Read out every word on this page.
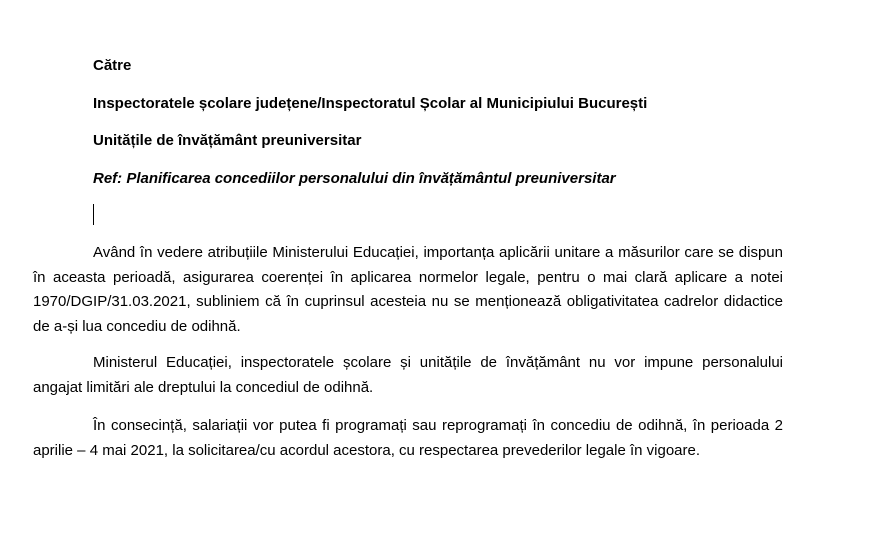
Către

Inspectoratele școlare județene/Inspectoratul Școlar al Municipiului București

Unitățile de învățământ preuniversitar

Ref: Planificarea concediilor personalului din învățământul preuniversitar

Având în vedere atribuțiile Ministerului Educației, importanța aplicării unitare a măsurilor care se dispun în aceasta perioadă, asigurarea coerenței în aplicarea normelor legale, pentru o mai clară aplicare a notei 1970/DGIP/31.03.2021, subliniem că în cuprinsul acesteia nu se menționează obligativitatea cadrelor didactice de a-și lua concediu de odihnă.

Ministerul Educației, inspectoratele școlare și unitățile de învățământ nu vor impune personalului angajat limitări ale dreptului la concediul de odihnă.

În consecință, salariații vor putea fi programați sau reprogramați în concediu de odihnă, în perioada 2 aprilie – 4 mai 2021, la solicitarea/cu acordul acestora, cu respectarea prevederilor legale în vigoare.
